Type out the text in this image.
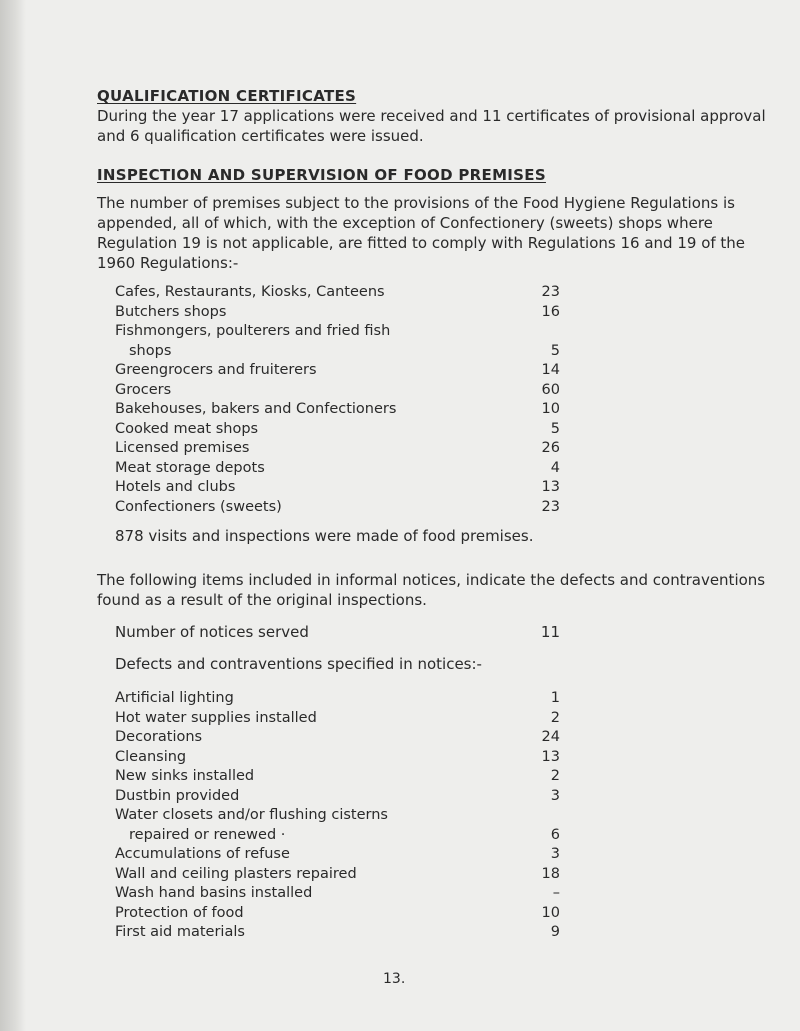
QUALIFICATION CERTIFICATES

During the year 17 applications were received and 11 certificates of provisional approval and 6 qualification certificates were issued.

INSPECTION AND SUPERVISION OF FOOD PREMISES

The number of premises subject to the provisions of the Food Hygiene Regulations is appended, all of which, with the exception of Confectionery (sweets) shops where Regulation 19 is not applicable, are fitted to comply with Regulations 16 and 19 of the 1960 Regulations:-

Cafes, Restaurants, Kiosks, Canteens	23
Butchers shops	16
Fishmongers, poulterers and fried fish
shops	5
Greengrocers and fruiterers	14
Grocers	60
Bakehouses, bakers and Confectioners	10
Cooked meat shops	5
Licensed premises	26
Meat storage depots	4
Hotels and clubs	13
Confectioners (sweets)	23

878 visits and inspections were made of food premises.

The following items included in informal notices, indicate the defects and contraventions found as a result of the original inspections.

Number of notices served	11

Defects and contraventions specified in notices:-

Artificial lighting	1
Hot water supplies installed	2
Decorations	24
Cleansing	13
New sinks installed	2
Dustbin provided	3
Water closets and/or flushing cisterns
repaired or renewed ·	6
Accumulations of refuse	3
Wall and ceiling plasters repaired	18
Wash hand basins installed	–
Protection of food	10
First aid materials	9
13.
